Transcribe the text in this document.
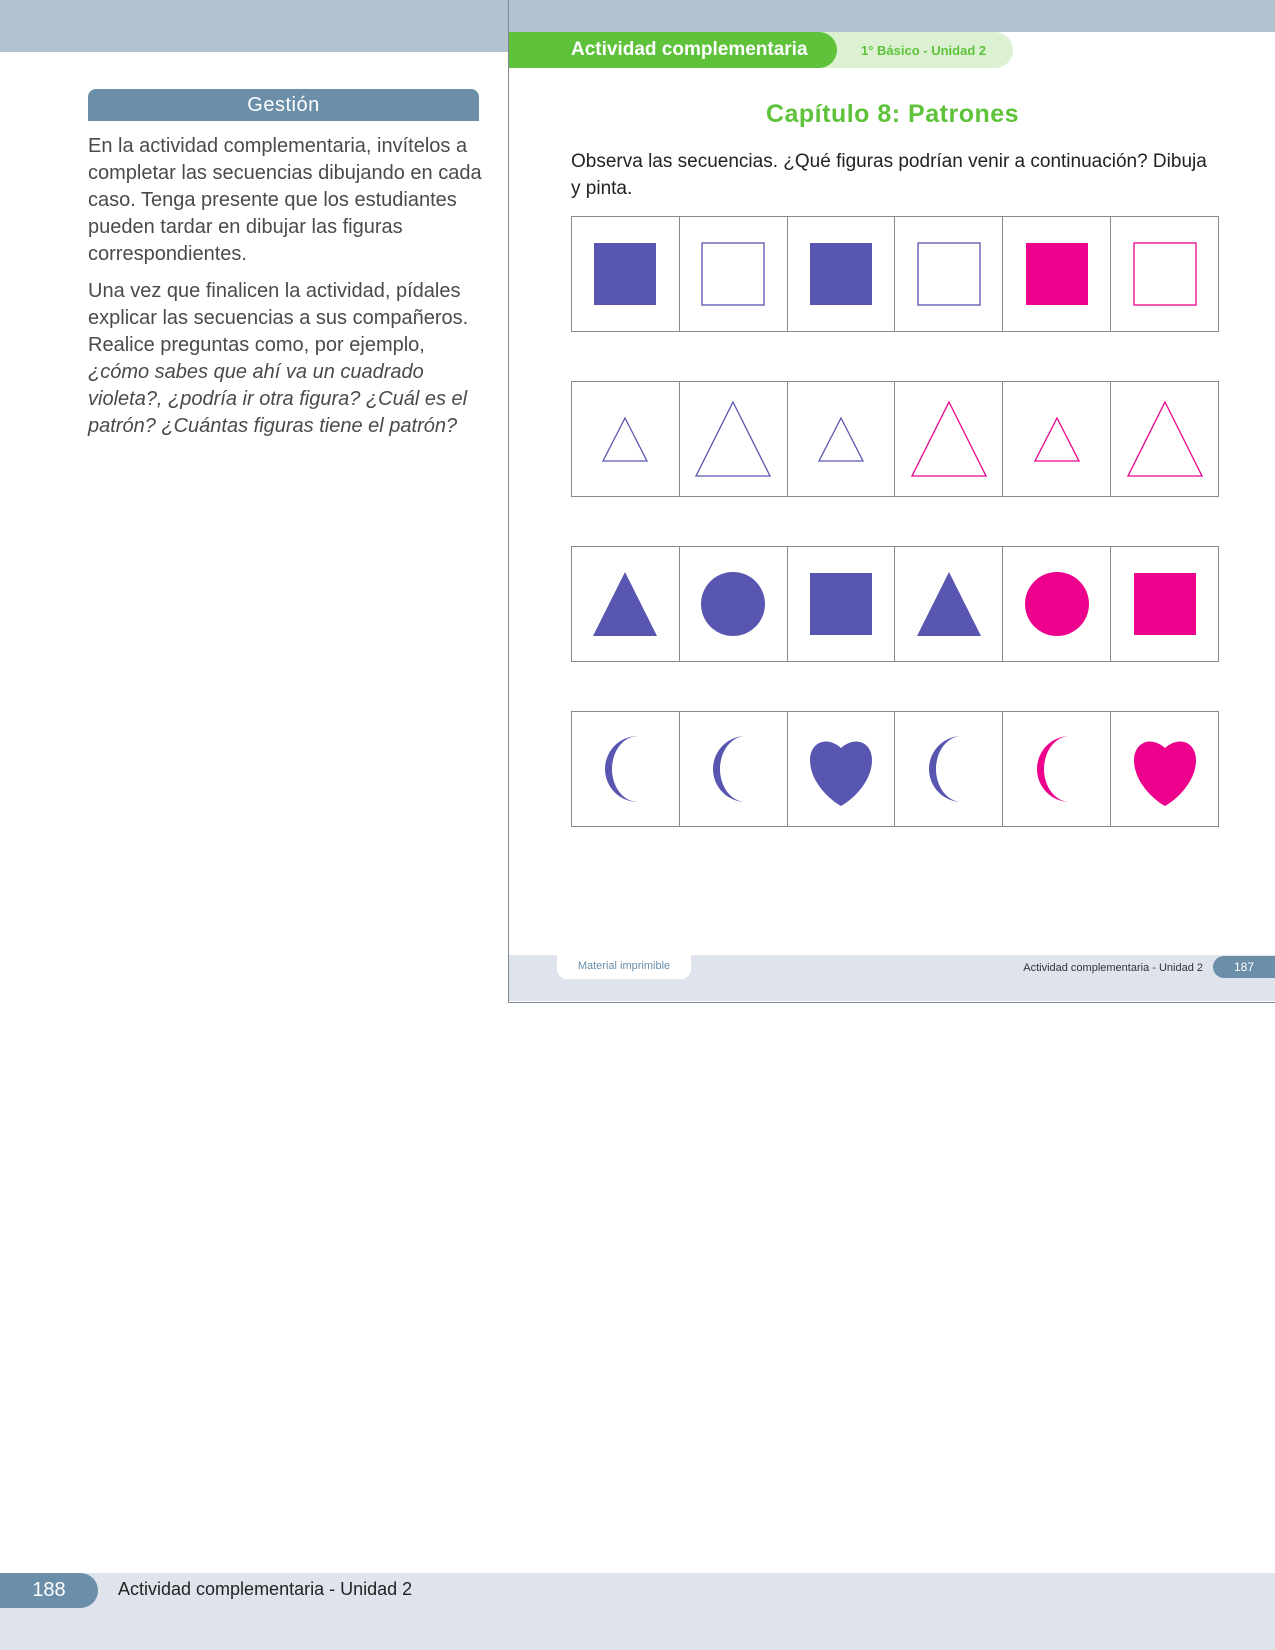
Gestión

En la actividad complementaria, invítelos a completar las secuencias dibujando en cada caso. Tenga presente que los estudiantes pueden tardar en dibujar las figuras correspondientes.

Una vez que finalicen la actividad, pídales explicar las secuencias a sus compañeros. Realice preguntas como, por ejemplo, ¿cómo sabes que ahí va un cuadrado violeta?, ¿podría ir otra figura? ¿Cuál es el patrón? ¿Cuántas figuras tiene el patrón?

1° Básico - Unidad 2
Actividad complementaria
Capítulo 8: Patrones
Observa las secuencias. ¿Qué figuras podrían venir a continuación? Dibuja y pinta.
Material imprimible	Actividad complementaria - Unidad 2	187
188	Actividad complementaria - Unidad 2
